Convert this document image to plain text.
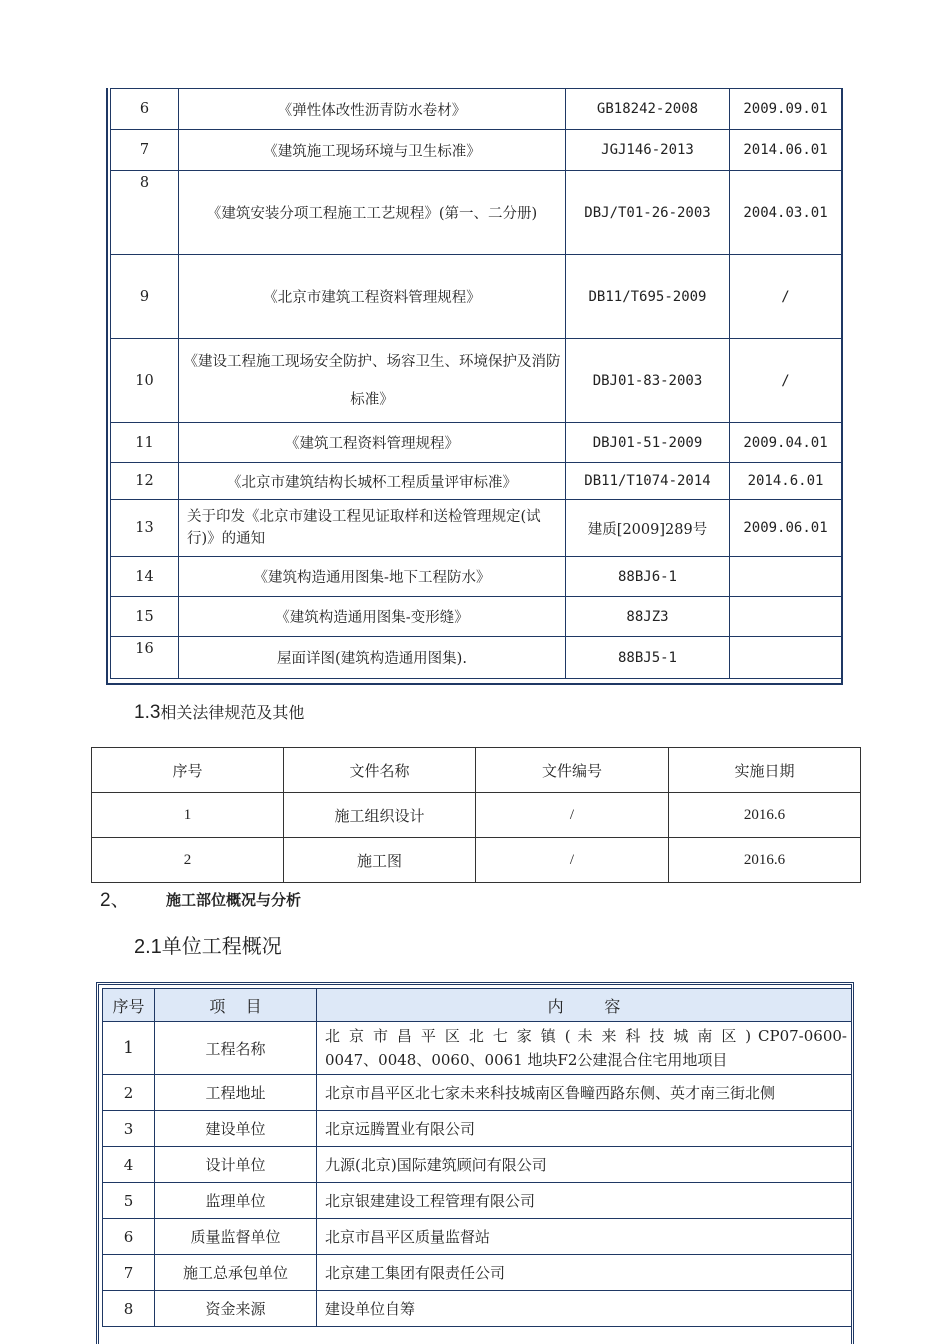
6	《弹性体改性沥青防水卷材》	GB18242-2008	2009.09.01
7	《建筑施工现场环境与卫生标准》	JGJ146-2013	2014.06.01
8	《建筑安装分项工程施工工艺规程》(第一、二分册)	DBJ/T01-26-2003	2004.03.01
9	《北京市建筑工程资料管理规程》	DB11/T695-2009	/
10	《建设工程施工现场安全防护、场容卫生、环境保护及消防标准》	DBJ01-83-2003	/
11	《建筑工程资料管理规程》	DBJ01-51-2009	2009.04.01
12	《北京市建筑结构长城杯工程质量评审标准》	DB11/T1074-2014	2014.6.01
13	关于印发《北京市建设工程见证取样和送检管理规定(试行)》的通知	建质[2009]289号	2009.06.01
14	《建筑构造通用图集-地下工程防水》	88BJ6-1	
15	《建筑构造通用图集-变形缝》	88JZ3	
16	屋面详图(建筑构造通用图集).	88BJ5-1	
1.3相关法律规范及其他
序号	文件名称	文件编号	实施日期
1	施工组织设计	/	2016.6
2	施工图	/	2016.6
2、 施工部位概况与分析
2.1单位工程概况
序号	项    目	内        容
1	工程名称	北 京 市 昌 平 区 北 七 家 镇 ( 未 来 科 技 城 南 区 ) CP07-0600-
0047、0048、0060、0061 地块F2公建混合住宅用地项目

2	工程地址	北京市昌平区北七家未来科技城南区鲁疃西路东侧、英才南三街北侧
3	建设单位	北京远腾置业有限公司
4	设计单位	九源(北京)国际建筑顾问有限公司
5	监理单位	北京银建建设工程管理有限公司
6	质量监督单位	北京市昌平区质量监督站
7	施工总承包单位	北京建工集团有限责任公司
8	资金来源	建设单位自筹
